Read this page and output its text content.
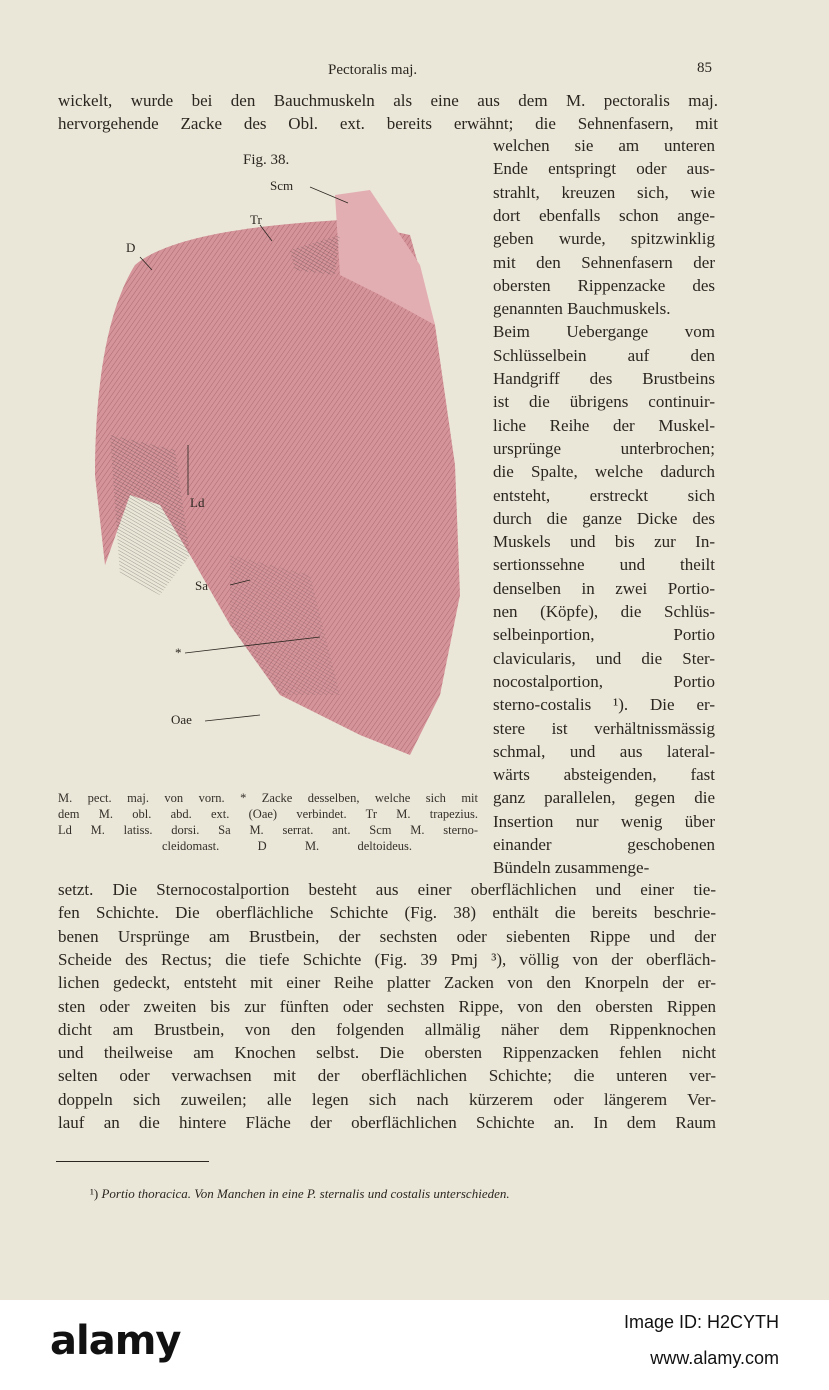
Pectoralis maj.	85
wickelt, wurde bei den Bauchmuskeln als eine aus dem M. pectoralis maj.
hervorgehende Zacke des Obl. ext. bereits erwähnt; die Sehnenfasern, mit
welchen sie am unteren
Ende entspringt oder aus-
strahlt, kreuzen sich, wie
dort ebenfalls schon ange-
geben wurde, spitzwinklig
mit den Sehnenfasern der
obersten Rippenzacke des
genannten Bauchmuskels.
Beim Uebergange vom
Schlüsselbein auf den
Handgriff des Brustbeins
ist die übrigens continuir-
liche Reihe der Muskel-
ursprünge unterbrochen;
die Spalte, welche dadurch
entsteht, erstreckt sich
durch die ganze Dicke des
Muskels und bis zur In-
sertionssehne und theilt
denselben in zwei Portio-
nen (Köpfe), die Schlüs-
selbeinportion, Portio
clavicularis, und die Ster-
nocostalportion, Portio
sterno-costalis ¹). Die er-
stere ist verhältnissmässig
schmal, und aus lateral-
wärts absteigenden, fast
ganz parallelen, gegen die
Insertion nur wenig über
einander geschobenen
Bündeln zusammenge-
setzt. Die Sternocostalportion besteht aus einer oberflächlichen und einer tie-
fen Schichte. Die oberflächliche Schichte (Fig. 38) enthält die bereits beschrie-
benen Ursprünge am Brustbein, der sechsten oder siebenten Rippe und der
Scheide des Rectus; die tiefe Schichte (Fig. 39 Pmj ³), völlig von der oberfläch-
lichen gedeckt, entsteht mit einer Reihe platter Zacken von den Knorpeln der er-
sten oder zweiten bis zur fünften oder sechsten Rippe, von den obersten Rippen
dicht am Brustbein, von den folgenden allmälig näher dem Rippenknochen
und theilweise am Knochen selbst. Die obersten Rippenzacken fehlen nicht
selten oder verwachsen mit der oberflächlichen Schichte; die unteren ver-
doppeln sich zuweilen; alle legen sich nach kürzerem oder längerem Ver-
lauf an die hintere Fläche der oberflächlichen Schichte an. In dem Raum
Fig. 38.
Scm
Tr
D
Ld
Sa
*
Oae
M. pect. maj. von vorn. * Zacke desselben, welche sich mit
dem M. obl. abd. ext. (Oae) verbindet. Tr M. trapezius.
Ld M. latiss. dorsi. Sa M. serrat. ant. Scm M. sterno-
cleidomast. D M. deltoideus.
¹) Portio thoracica. Von Manchen in eine P. sternalis und costalis unterschieden.
alamy	Image ID: H2CYTH
www.alamy.com
